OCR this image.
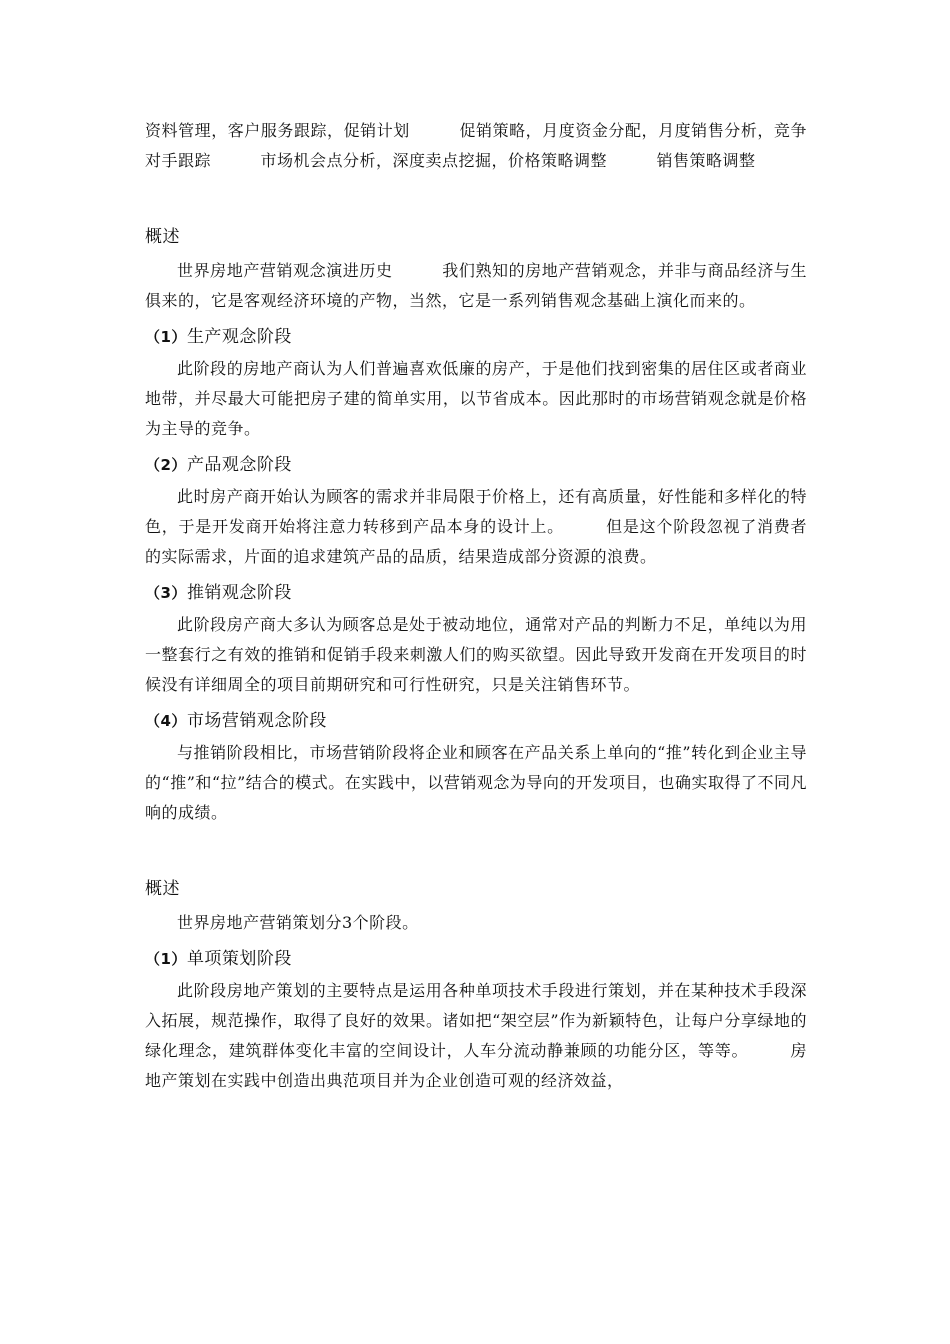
资料管理，客户服务跟踪，促销计划　　　促销策略，月度资金分配，月度销售分析，竞争对手跟踪　　　市场机会点分析，深度卖点挖掘，价格策略调整　　　销售策略调整

概述

世界房地产营销观念演进历史　　　我们熟知的房地产营销观念，并非与商品经济与生俱来的，它是客观经济环境的产物，当然，它是一系列销售观念基础上演化而来的。

（1）生产观念阶段

此阶段的房地产商认为人们普遍喜欢低廉的房产，于是他们找到密集的居住区或者商业地带，并尽最大可能把房子建的简单实用，以节省成本。因此那时的市场营销观念就是价格为主导的竞争。

（2）产品观念阶段

此时房产商开始认为顾客的需求并非局限于价格上，还有高质量，好性能和多样化的特色，于是开发商开始将注意力转移到产品本身的设计上。　　　但是这个阶段忽视了消费者的实际需求，片面的追求建筑产品的品质，结果造成部分资源的浪费。

（3）推销观念阶段

此阶段房产商大多认为顾客总是处于被动地位，通常对产品的判断力不足，单纯以为用一整套行之有效的推销和促销手段来刺激人们的购买欲望。因此导致开发商在开发项目的时候没有详细周全的项目前期研究和可行性研究，只是关注销售环节。

（4）市场营销观念阶段

与推销阶段相比，市场营销阶段将企业和顾客在产品关系上单向的“推”转化到企业主导的“推”和“拉”结合的模式。在实践中，以营销观念为导向的开发项目，也确实取得了不同凡响的成绩。

概述

世界房地产营销策划分3个阶段。

（1）单项策划阶段

此阶段房地产策划的主要特点是运用各种单项技术手段进行策划，并在某种技术手段深入拓展，规范操作，取得了良好的效果。诸如把“架空层”作为新颖特色，让每户分享绿地的绿化理念，建筑群体变化丰富的空间设计，人车分流动静兼顾的功能分区，等等。　　　房地产策划在实践中创造出典范项目并为企业创造可观的经济效益，
